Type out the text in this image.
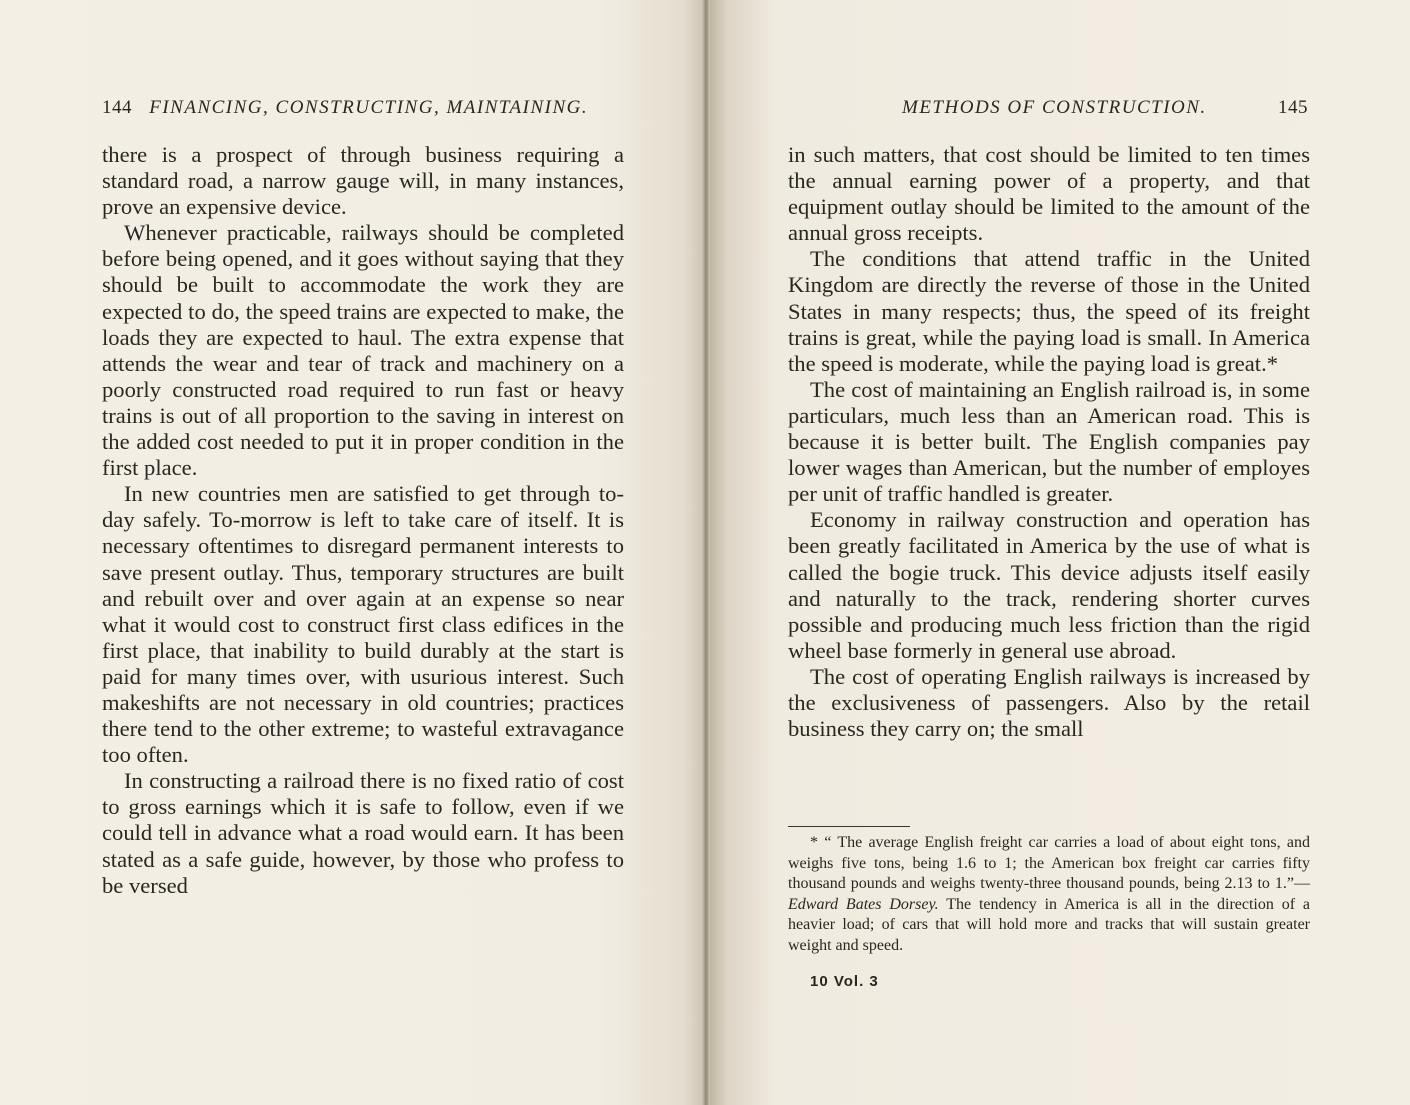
144 FINANCING, CONSTRUCTING, MAINTAINING.

there is a prospect of through business requiring a standard road, a narrow gauge will, in many instances, prove an expensive device.

Whenever practicable, railways should be completed before being opened, and it goes without saying that they should be built to accommodate the work they are expected to do, the speed trains are expected to make, the loads they are expected to haul. The extra expense that attends the wear and tear of track and machinery on a poorly constructed road required to run fast or heavy trains is out of all proportion to the saving in interest on the added cost needed to put it in proper condition in the first place.

In new countries men are satisfied to get through to-day safely. To-morrow is left to take care of itself. It is necessary oftentimes to disregard permanent interests to save present outlay. Thus, temporary structures are built and rebuilt over and over again at an expense so near what it would cost to construct first class edifices in the first place, that inability to build durably at the start is paid for many times over, with usurious interest. Such makeshifts are not necessary in old countries; practices there tend to the other extreme; to wasteful extravagance too often.

In constructing a railroad there is no fixed ratio of cost to gross earnings which it is safe to follow, even if we could tell in advance what a road would earn. It has been stated as a safe guide, however, by those who profess to be versed

METHODS OF CONSTRUCTION.	145

in such matters, that cost should be limited to ten times the annual earning power of a property, and that equipment outlay should be limited to the amount of the annual gross receipts.

The conditions that attend traffic in the United Kingdom are directly the reverse of those in the United States in many respects; thus, the speed of its freight trains is great, while the paying load is small. In America the speed is moderate, while the paying load is great.*

The cost of maintaining an English railroad is, in some particulars, much less than an American road. This is because it is better built. The English companies pay lower wages than American, but the number of employes per unit of traffic handled is greater.

Economy in railway construction and operation has been greatly facilitated in America by the use of what is called the bogie truck. This device adjusts itself easily and naturally to the track, rendering shorter curves possible and producing much less friction than the rigid wheel base formerly in general use abroad.

The cost of operating English railways is increased by the exclusiveness of passengers. Also by the retail business they carry on; the small

* “ The average English freight car carries a load of about eight tons, and weighs five tons, being 1.6 to 1; the American box freight car carries fifty thousand pounds and weighs twenty-three thousand pounds, being 2.13 to 1.”—Edward Bates Dorsey. The tendency in America is all in the direction of a heavier load; of cars that will hold more and tracks that will sustain greater weight and speed.

10 Vol. 3
